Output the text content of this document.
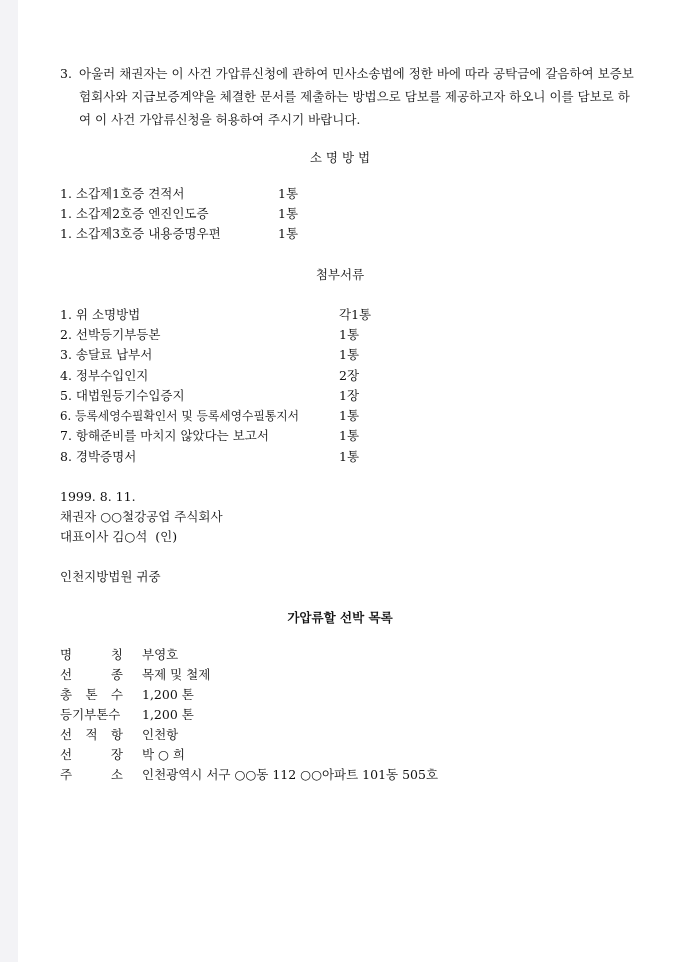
3. 아울러 채권자는 이 사건 가압류신청에 관하여 민사소송법에 정한 바에 따라 공탁금에 갈음하여 보증보험회사와 지급보증계약을 체결한 문서를 제출하는 방법으로 담보를 제공하고자 하오니 이를 담보로 하여 이 사건 가압류신청을 허용하여 주시기 바랍니다.
소 명 방 법
1. 소갑제1호증 견적서	1통
1. 소갑제2호증 엔진인도증	1통
1. 소갑제3호증 내용증명우편	1통
첨부서류
1. 위 소명방법	각1통
2. 선박등기부등본	1통
3. 송달료 납부서	1통
4. 정부수입인지	2장
5. 대법원등기수입증지	1장
6. 등록세영수필확인서 및 등록세영수필통지서	1통
7. 항해준비를 마치지 않았다는 보고서	1통
8. 경박증명서	1통
1999. 8. 11.
채권자 ○○철강공업 주식회사
대표이사 김○석  (인)
인천지방법원 귀중
가압류할 선박 목록
명	칭 부영호
선	종 목제 및 철제
총 톤 수 1,200 톤
등기부톤수 1,200 톤
선 적 항 인천항
선	장 박 ○ 희
주	소 인천광역시 서구 ○○동 112 ○○아파트 101동 505호
